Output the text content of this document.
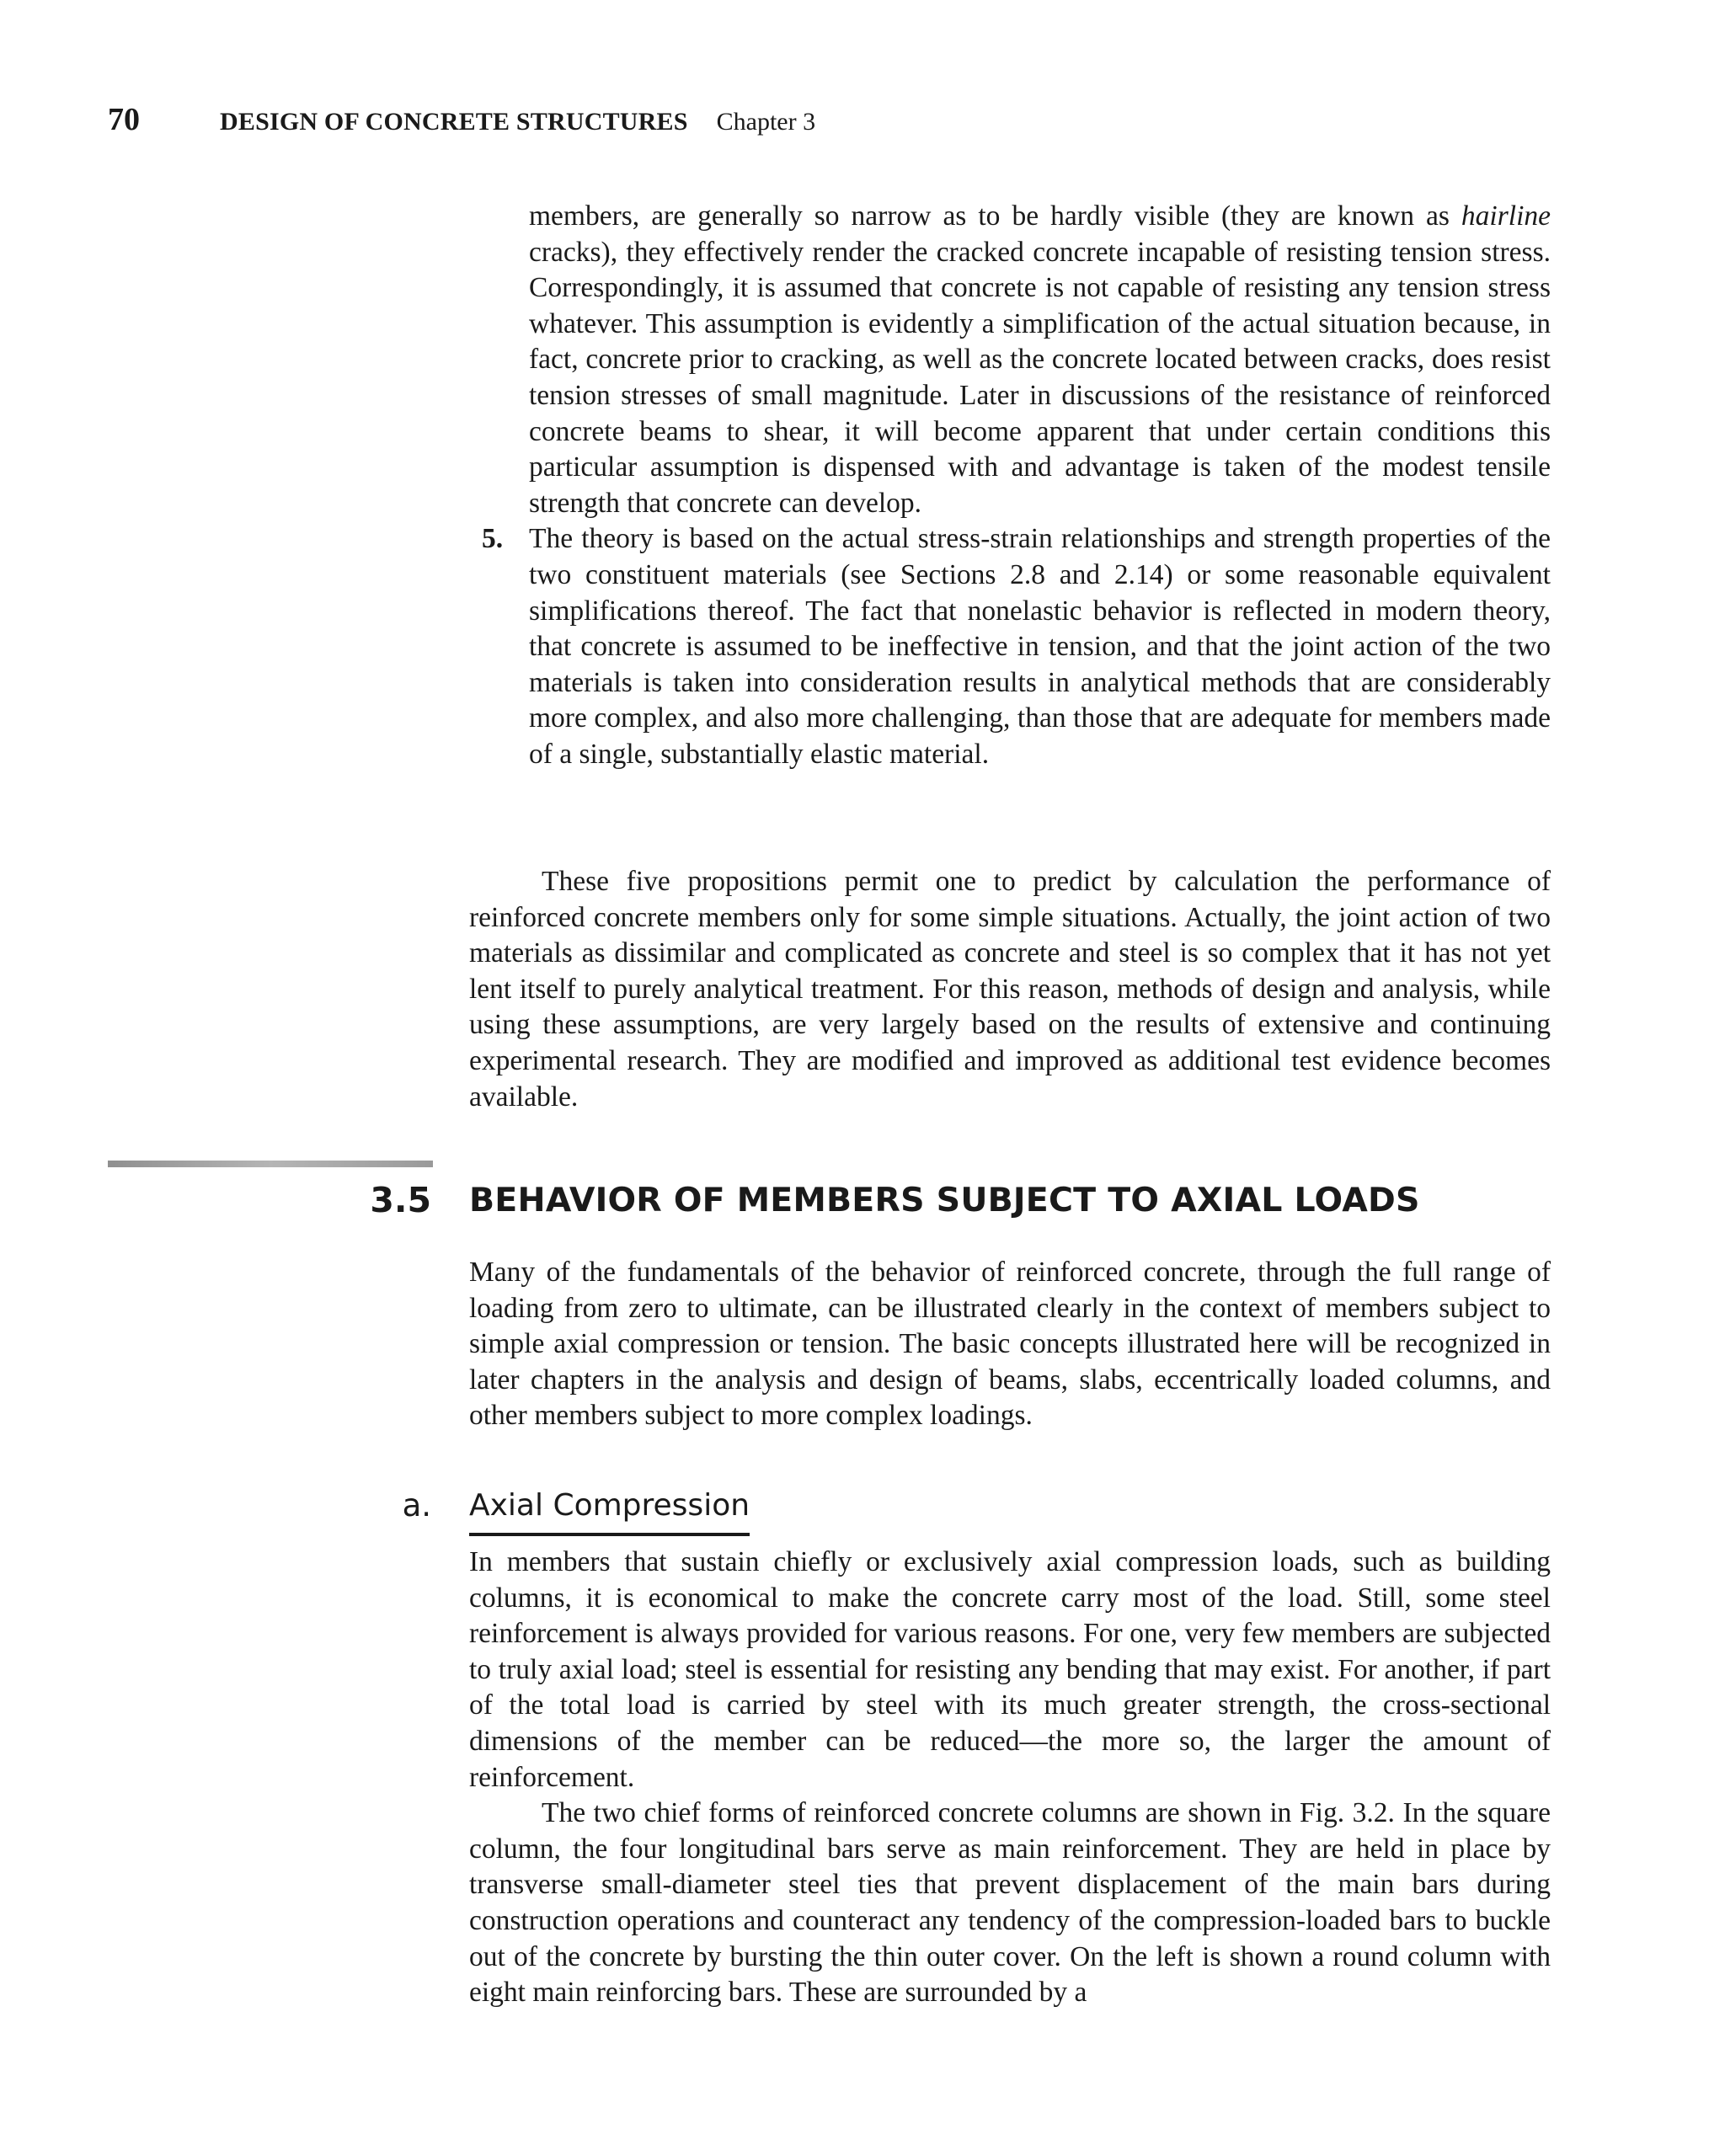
70	DESIGN OF CONCRETE STRUCTURES Chapter 3

members, are generally so narrow as to be hardly visible (they are known as hairline cracks), they effectively render the cracked concrete incapable of resisting tension stress. Correspondingly, it is assumed that concrete is not capable of resisting any tension stress whatever. This assumption is evidently a simplification of the actual situation because, in fact, concrete prior to cracking, as well as the concrete located between cracks, does resist tension stresses of small magnitude. Later in discussions of the resistance of reinforced concrete beams to shear, it will become apparent that under certain conditions this particular assumption is dispensed with and advantage is taken of the modest tensile strength that concrete can develop.

5. The theory is based on the actual stress-strain relationships and strength properties of the two constituent materials (see Sections 2.8 and 2.14) or some reasonable equivalent simplifications thereof. The fact that nonelastic behavior is reflected in modern theory, that concrete is assumed to be ineffective in tension, and that the joint action of the two materials is taken into consideration results in analytical methods that are considerably more complex, and also more challenging, than those that are adequate for members made of a single, substantially elastic material.

These five propositions permit one to predict by calculation the performance of reinforced concrete members only for some simple situations. Actually, the joint action of two materials as dissimilar and complicated as concrete and steel is so complex that it has not yet lent itself to purely analytical treatment. For this reason, methods of design and analysis, while using these assumptions, are very largely based on the results of extensive and continuing experimental research. They are modified and improved as additional test evidence becomes available.

3.5 BEHAVIOR OF MEMBERS SUBJECT TO AXIAL LOADS

Many of the fundamentals of the behavior of reinforced concrete, through the full range of loading from zero to ultimate, can be illustrated clearly in the context of members subject to simple axial compression or tension. The basic concepts illustrated here will be recognized in later chapters in the analysis and design of beams, slabs, eccentrically loaded columns, and other members subject to more complex loadings.

a. Axial Compression

In members that sustain chiefly or exclusively axial compression loads, such as building columns, it is economical to make the concrete carry most of the load. Still, some steel reinforcement is always provided for various reasons. For one, very few members are subjected to truly axial load; steel is essential for resisting any bending that may exist. For another, if part of the total load is carried by steel with its much greater strength, the cross-sectional dimensions of the member can be reduced—the more so, the larger the amount of reinforcement.

The two chief forms of reinforced concrete columns are shown in Fig. 3.2. In the square column, the four longitudinal bars serve as main reinforcement. They are held in place by transverse small-diameter steel ties that prevent displacement of the main bars during construction operations and counteract any tendency of the compression-loaded bars to buckle out of the concrete by bursting the thin outer cover. On the left is shown a round column with eight main reinforcing bars. These are surrounded by a
